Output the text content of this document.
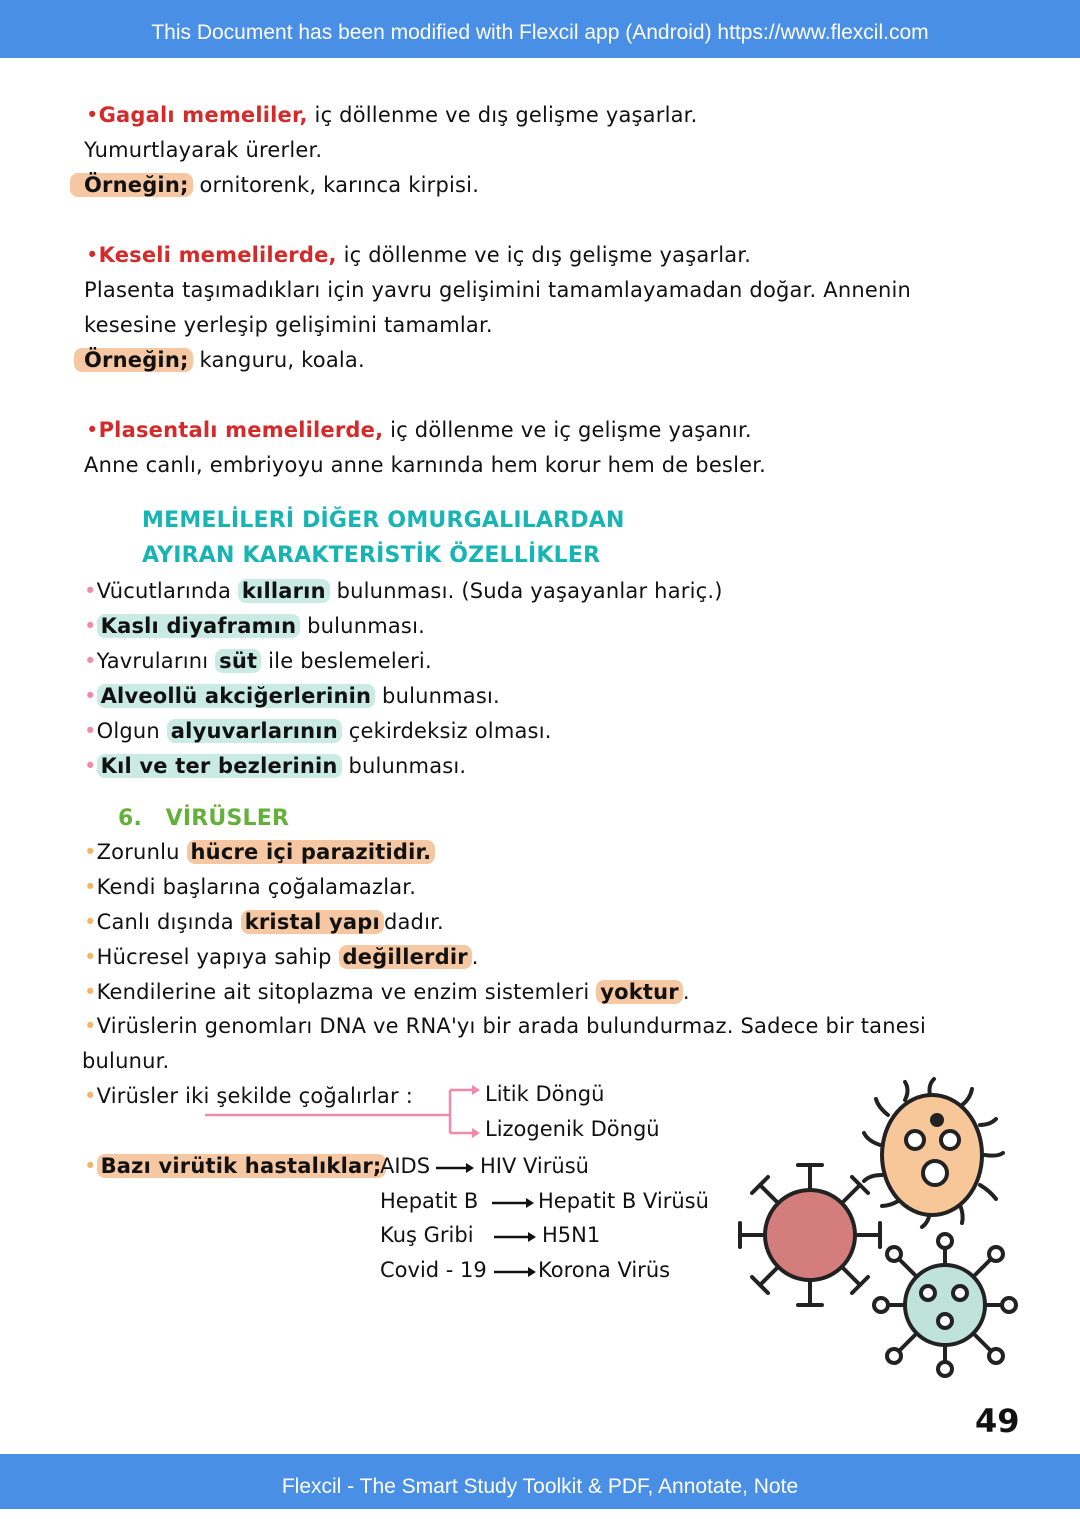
This Document has been modified with Flexcil app (Android) https://www.flexcil.com
•Gagalı memeliler, iç döllenme ve dış gelişme yaşarlar.
Yumurtlayarak ürerler.
Örneğin; ornitorenk, karınca kirpisi.
•Keseli memelilerde, iç döllenme ve iç dış gelişme yaşarlar.
Plasenta taşımadıkları için yavru gelişimini tamamlayamadan doğar. Annenin
kesesine yerleşip gelişimini tamamlar.
Örneğin; kanguru, koala.
•Plasentalı memelilerde, iç döllenme ve iç gelişme yaşanır.
Anne canlı, embriyoyu anne karnında hem korur hem de besler.
MEMELİLERİ DİĞER OMURGALILARDAN
AYIRAN KARAKTERİSTİK ÖZELLİKLER
•Vücutlarında kılların bulunması. (Suda yaşayanlar hariç.)
• Kaslı diyaframın bulunması.
•Yavrularını süt ile beslemeleri.
• Alveollü akciğerlerinin bulunması.
•Olgun alyuvarlarının çekirdeksiz olması.
• Kıl ve ter bezlerinin bulunması.
6. VİRÜSLER
•Zorunlu hücre içi parazitidir.
•Kendi başlarına çoğalamazlar.
•Canlı dışında kristal yapı dadır.
•Hücresel yapıya sahip değillerdir .
•Kendilerine ait sitoplazma ve enzim sistemleri yoktur .
•Virüslerin genomları DNA ve RNA'yı bir arada bulundurmaz. Sadece bir tanesi
bulunur.
•Virüsler iki şekilde çoğalırlar :	Litik Döngü
Lizogenik Döngü
• Bazı virütik hastalıklar;
AIDS HIV Virüsü
Hepatit B	Hepatit B Virüsü
Kuş Gribi	H5N1
Covid - 19 Korona Virüs
49
Flexcil - The Smart Study Toolkit & PDF, Annotate, Note
